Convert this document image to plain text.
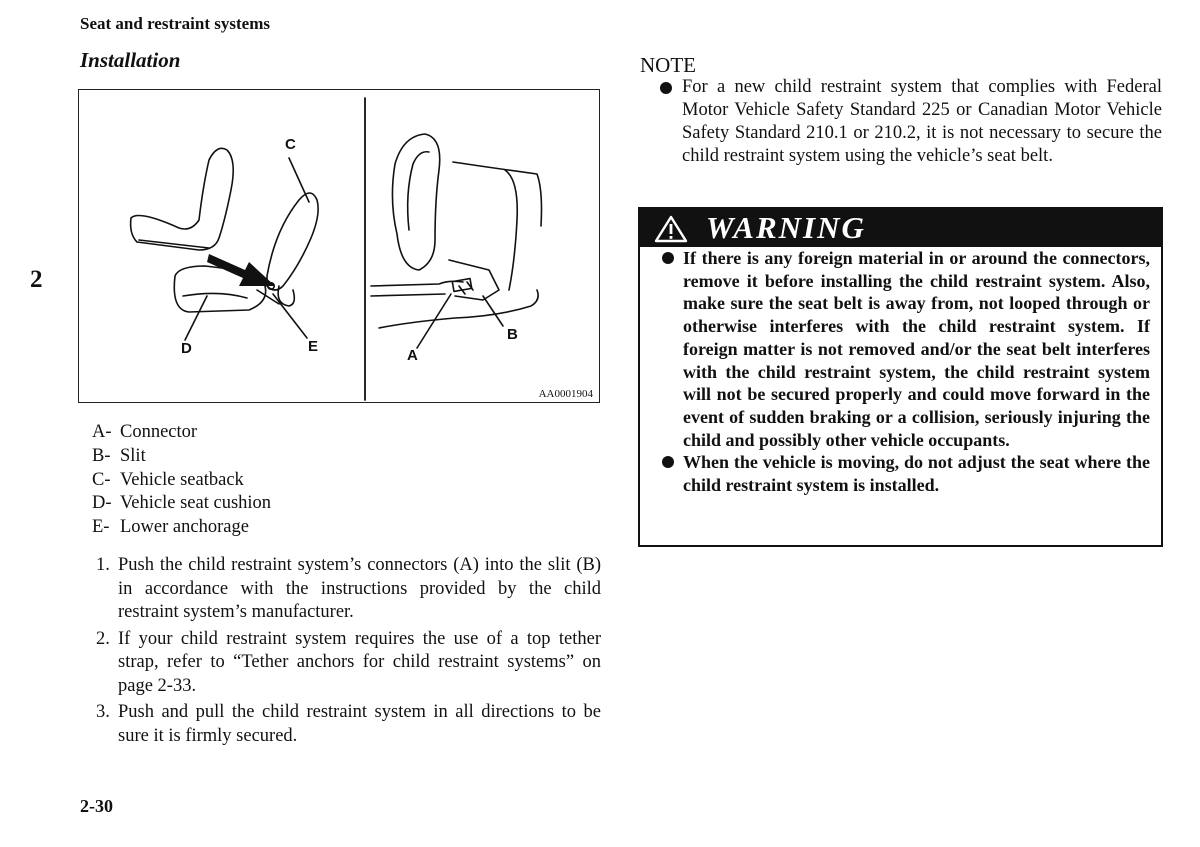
Seat and restraint systems
Installation
2
C
D	E
A
B
AA0001904
A- Connector
B- Slit
C- Vehicle seatback
D- Vehicle seat cushion
E- Lower anchorage
1. Push the child restraint system’s connectors (A) into the slit (B) in accordance with the instructions provided by the child restraint system’s manufacturer.
2. If your child restraint system requires the use of a top tether strap, refer to “Tether anchors for child restraint systems” on page 2-33.
3. Push and pull the child restraint system in all directions to be sure it is firmly secured.
NOTE
For a new child restraint system that complies with Federal Motor Vehicle Safety Standard 225 or Canadian Motor Vehicle Safety Standard 210.1 or 210.2, it is not necessary to secure the child restraint system using the vehicle’s seat belt.
WARNING
If there is any foreign material in or around the connectors, remove it before installing the child restraint system. Also, make sure the seat belt is away from, not looped through or otherwise interferes with the child restraint system. If foreign matter is not removed and/or the seat belt interferes with the child restraint system, the child restraint system will not be secured properly and could move forward in the event of sudden braking or a collision, seriously injuring the child and possibly other vehicle occupants.
When the vehicle is moving, do not adjust the seat where the child restraint system is installed.
2-30
